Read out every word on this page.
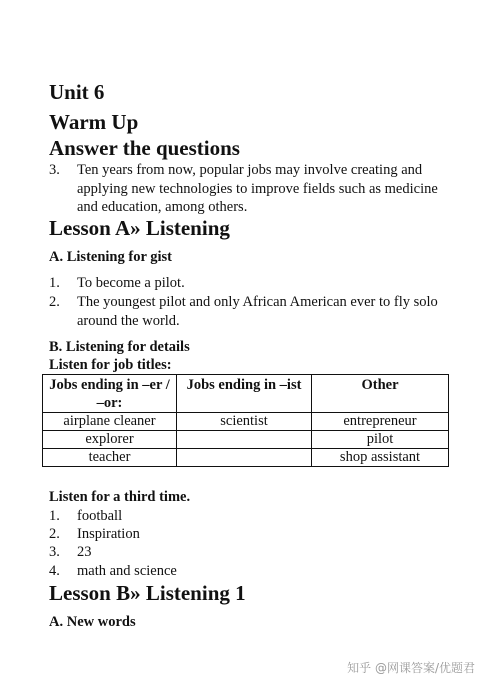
Unit 6
Warm Up
Answer the questions
3. Ten years from now, popular jobs may involve creating and applying new technologies to improve fields such as medicine and education, among others.
Lesson A» Listening
A. Listening for gist
1. To become a pilot.
2. The youngest pilot and only African American ever to fly solo around the world.
B. Listening for details
Listen for job titles:
Jobs ending in –er / –or:	Jobs ending in –ist	Other
airplane cleaner	scientist	entrepreneur
explorer		pilot
teacher		shop assistant
Listen for a third time.
1. football
2. Inspiration
3. 23
4. math and science
Lesson B» Listening 1
A. New words
知乎 @网课答案/优题君
